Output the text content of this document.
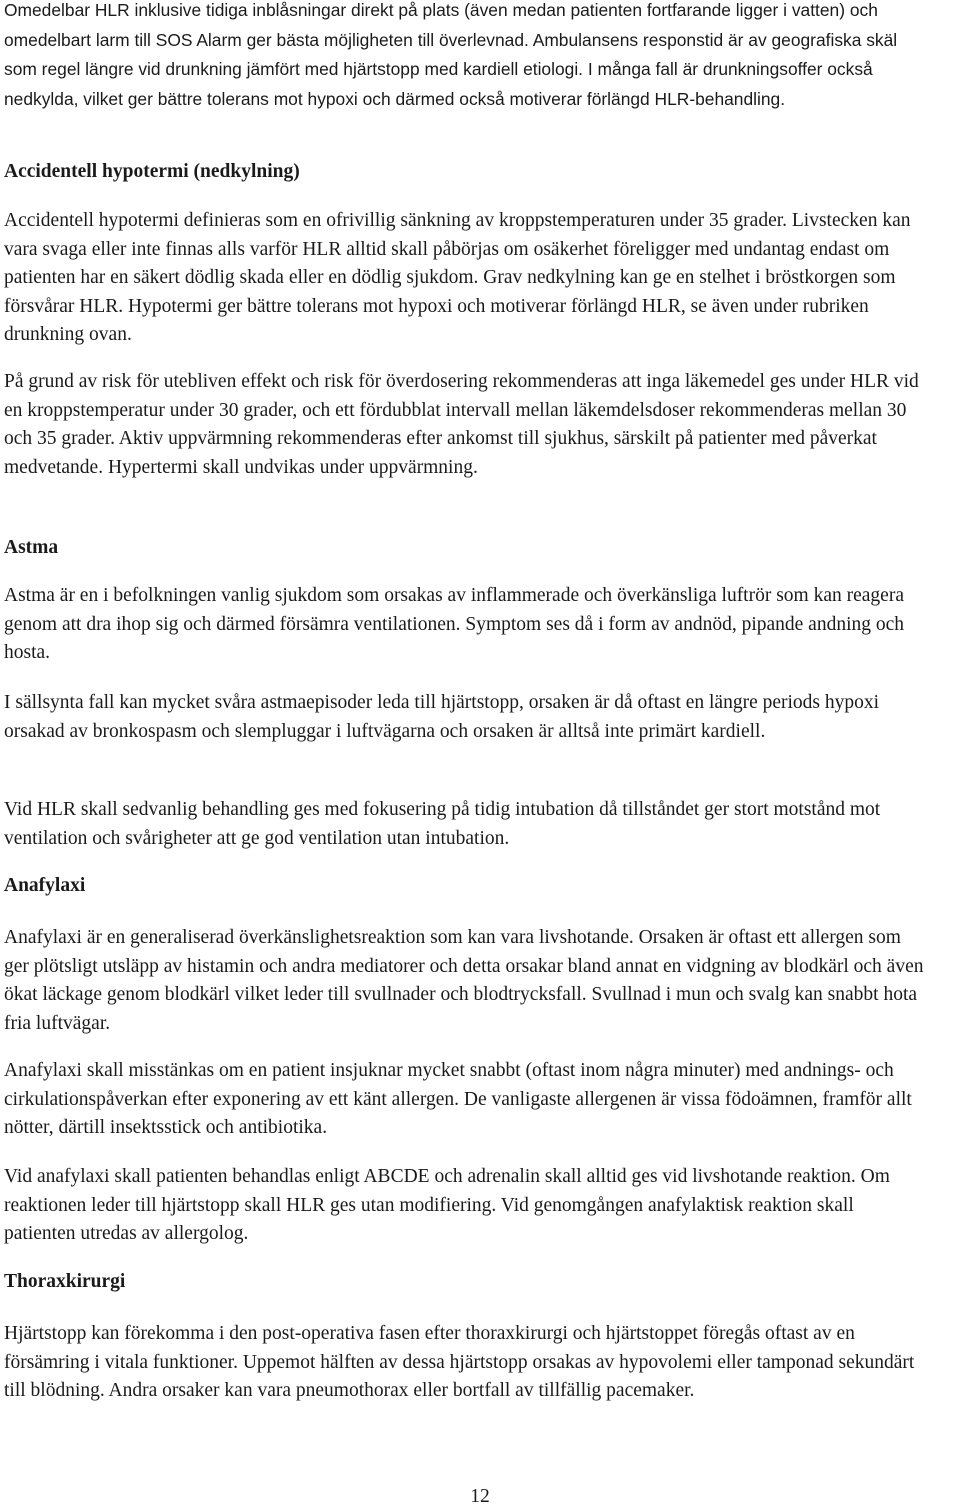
Omedelbar HLR inklusive tidiga inblåsningar direkt på plats (även medan patienten fortfarande ligger i vatten) och omedelbart larm till SOS Alarm ger bästa möjligheten till överlevnad. Ambulansens responstid är av geografiska skäl som regel längre vid drunkning jämfört med hjärtstopp med kardiell etiologi. I många fall är drunkningsoffer också nedkylda, vilket ger bättre tolerans mot hypoxi och därmed också motiverar förlängd HLR-behandling.

Accidentell hypotermi (nedkylning)

Accidentell hypotermi definieras som en ofrivillig sänkning av kroppstemperaturen under 35 grader. Livstecken kan vara svaga eller inte finnas alls varför HLR alltid skall påbörjas om osäkerhet föreligger med undantag endast om patienten har en säkert dödlig skada eller en dödlig sjukdom. Grav nedkylning kan ge en stelhet i bröstkorgen som försvårar HLR. Hypotermi ger bättre tolerans mot hypoxi och motiverar förlängd HLR, se även under rubriken drunkning ovan.

På grund av risk för utebliven effekt och risk för överdosering rekommenderas att inga läkemedel ges under HLR vid en kroppstemperatur under 30 grader, och ett fördubblat intervall mellan läkemdelsdoser rekommenderas mellan 30 och 35 grader. Aktiv uppvärmning rekommenderas efter ankomst till sjukhus, särskilt på patienter med påverkat medvetande. Hypertermi skall undvikas under uppvärmning.

Astma

Astma är en i befolkningen vanlig sjukdom som orsakas av inflammerade och överkänsliga luftrör som kan reagera genom att dra ihop sig och därmed försämra ventilationen. Symptom ses då i form av andnöd, pipande andning och hosta.

I sällsynta fall kan mycket svåra astmaepisoder leda till hjärtstopp, orsaken är då oftast en längre periods hypoxi orsakad av bronkospasm och slempluggar i luftvägarna och orsaken är alltså inte primärt kardiell.

Vid HLR skall sedvanlig behandling ges med fokusering på tidig intubation då tillståndet ger stort motstånd mot ventilation och svårigheter att ge god ventilation utan intubation.

Anafylaxi

Anafylaxi är en generaliserad överkänslighetsreaktion som kan vara livshotande. Orsaken är oftast ett allergen som ger plötsligt utsläpp av histamin och andra mediatorer och detta orsakar bland annat en vidgning av blodkärl och även ökat läckage genom blodkärl vilket leder till svullnader och blodtrycksfall. Svullnad i mun och svalg kan snabbt hota fria luftvägar.

Anafylaxi skall misstänkas om en patient insjuknar mycket snabbt (oftast inom några minuter) med andnings- och cirkulationspåverkan efter exponering av ett känt allergen. De vanligaste allergenen är vissa födoämnen, framför allt nötter, därtill insektsstick och antibiotika.

Vid anafylaxi skall patienten behandlas enligt ABCDE och adrenalin skall alltid ges vid livshotande reaktion. Om reaktionen leder till hjärtstopp skall HLR ges utan modifiering. Vid genomgången anafylaktisk reaktion skall patienten utredas av allergolog.

Thoraxkirurgi

Hjärtstopp kan förekomma i den post-operativa fasen efter thoraxkirurgi och hjärtstoppet föregås oftast av en försämring i vitala funktioner. Uppemot hälften av dessa hjärtstopp orsakas av hypovolemi eller tamponad sekundärt till blödning. Andra orsaker kan vara pneumothorax eller bortfall av tillfällig pacemaker.

12
